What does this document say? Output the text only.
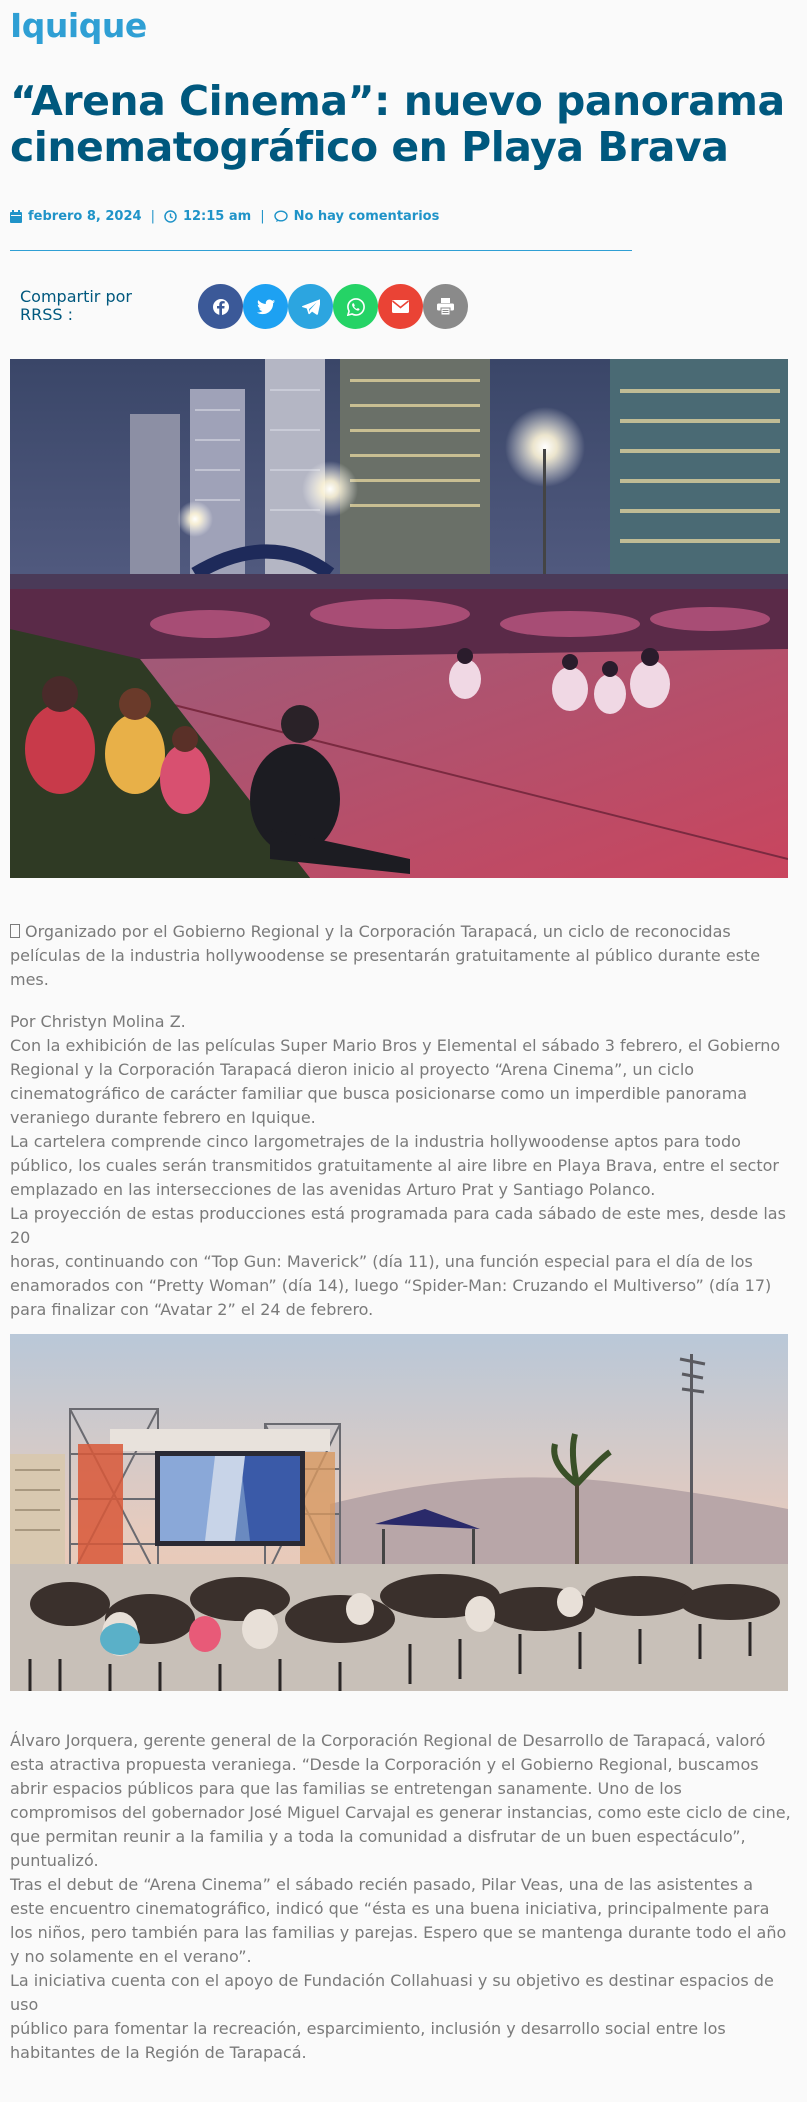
Iquique
“Arena Cinema”: nuevo panorama cinematográfico en Playa Brava
febrero 8, 2024 | 12:15 am | No hay comentarios
Compartir por RRSS :

Organizado por el Gobierno Regional y la Corporación Tarapacá, un ciclo de reconocidas películas de la industria hollywoodense se presentarán gratuitamente al público durante este mes.

Por Christyn Molina Z.

Con la exhibición de las películas Super Mario Bros y Elemental el sábado 3 febrero, el Gobierno Regional y la Corporación Tarapacá dieron inicio al proyecto “Arena Cinema”, un ciclo cinematográfico de carácter familiar que busca posicionarse como un imperdible panorama veraniego durante febrero en Iquique.

La cartelera comprende cinco largometrajes de la industria hollywoodense aptos para todo público, los cuales serán transmitidos gratuitamente al aire libre en Playa Brava, entre el sector emplazado en las intersecciones de las avenidas Arturo Prat y Santiago Polanco.

La proyección de estas producciones está programada para cada sábado de este mes, desde las 20

horas, continuando con “Top Gun: Maverick” (día 11), una función especial para el día de los enamorados con “Pretty Woman” (día 14), luego “Spider-Man: Cruzando el Multiverso” (día 17) para finalizar con “Avatar 2” el 24 de febrero.

Álvaro Jorquera, gerente general de la Corporación Regional de Desarrollo de Tarapacá, valoró esta atractiva propuesta veraniega. “Desde la Corporación y el Gobierno Regional, buscamos abrir espacios públicos para que las familias se entretengan sanamente. Uno de los compromisos del gobernador José Miguel Carvajal es generar instancias, como este ciclo de cine, que permitan reunir a la familia y a toda la comunidad a disfrutar de un buen espectáculo”, puntualizó.

Tras el debut de “Arena Cinema” el sábado recién pasado, Pilar Veas, una de las asistentes a este encuentro cinematográfico, indicó que “ésta es una buena iniciativa, principalmente para los niños, pero también para las familias y parejas. Espero que se mantenga durante todo el año y no solamente en el verano”.

La iniciativa cuenta con el apoyo de Fundación Collahuasi y su objetivo es destinar espacios de uso

público para fomentar la recreación, esparcimiento, inclusión y desarrollo social entre los habitantes de la Región de Tarapacá.
